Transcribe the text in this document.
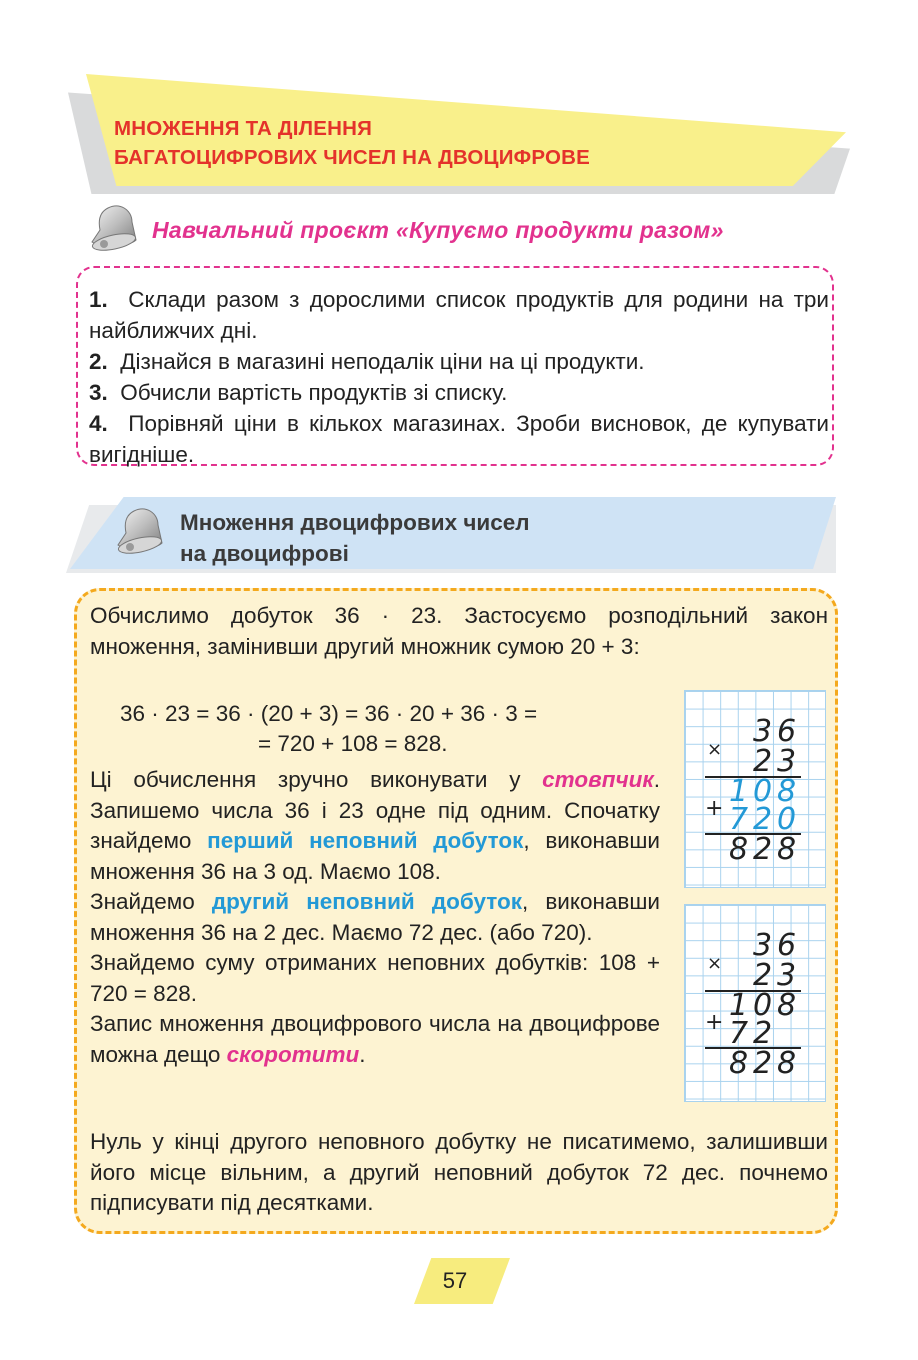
МНОЖЕННЯ ТА ДІЛЕННЯ
БАГАТОЦИФРОВИХ ЧИСЕЛ НА ДВОЦИФРОВЕ
Навчальний проєкт «Купуємо продукти разом»

1. Склади разом з дорослими список продуктів для родини на три найближчих дні.

2. Дізнайся в магазині неподалік ціни на ці продукти.

3. Обчисли вартість продуктів зі списку.

4. Порівняй ціни в кількох магазинах. Зроби висновок, де купувати вигідніше.

Множення двоцифрових чисел
на двоцифрові
Обчислимо добуток 36 · 23. Застосуємо розподільний закон множення, замінивши другий множник сумою 20 + 3:
36 · 23 = 36 · (20 + 3) = 36 · 20 + 36 · 3 =
= 720 + 108 = 828.

Ці обчислення зручно виконувати у стовпчик. Запишемо числа 36 і 23 одне під одним. Спочатку знайдемо перший неповний добуток, виконавши множення 36 на 3 од. Маємо 108.

Знайдемо другий неповний добуток, виконавши множення 36 на 2 дес. Маємо 72 дес. (або 720).

Знайдемо суму отриманих неповних добутків: 108 + 720 = 828.

Запис множення двоцифрового числа на двоцифрове можна дещо скоротити.

Нуль у кінці другого неповного добутку не писатимемо, залишивши його місце вільним, а другий неповний добуток 72 дес. почнемо підписувати під десятками.
×
3 6
2 3
+ 1 0 8
7 2 0
8 2 8
×
3 6
2 3
+ 1 0 8
7 2
8 2 8
57
